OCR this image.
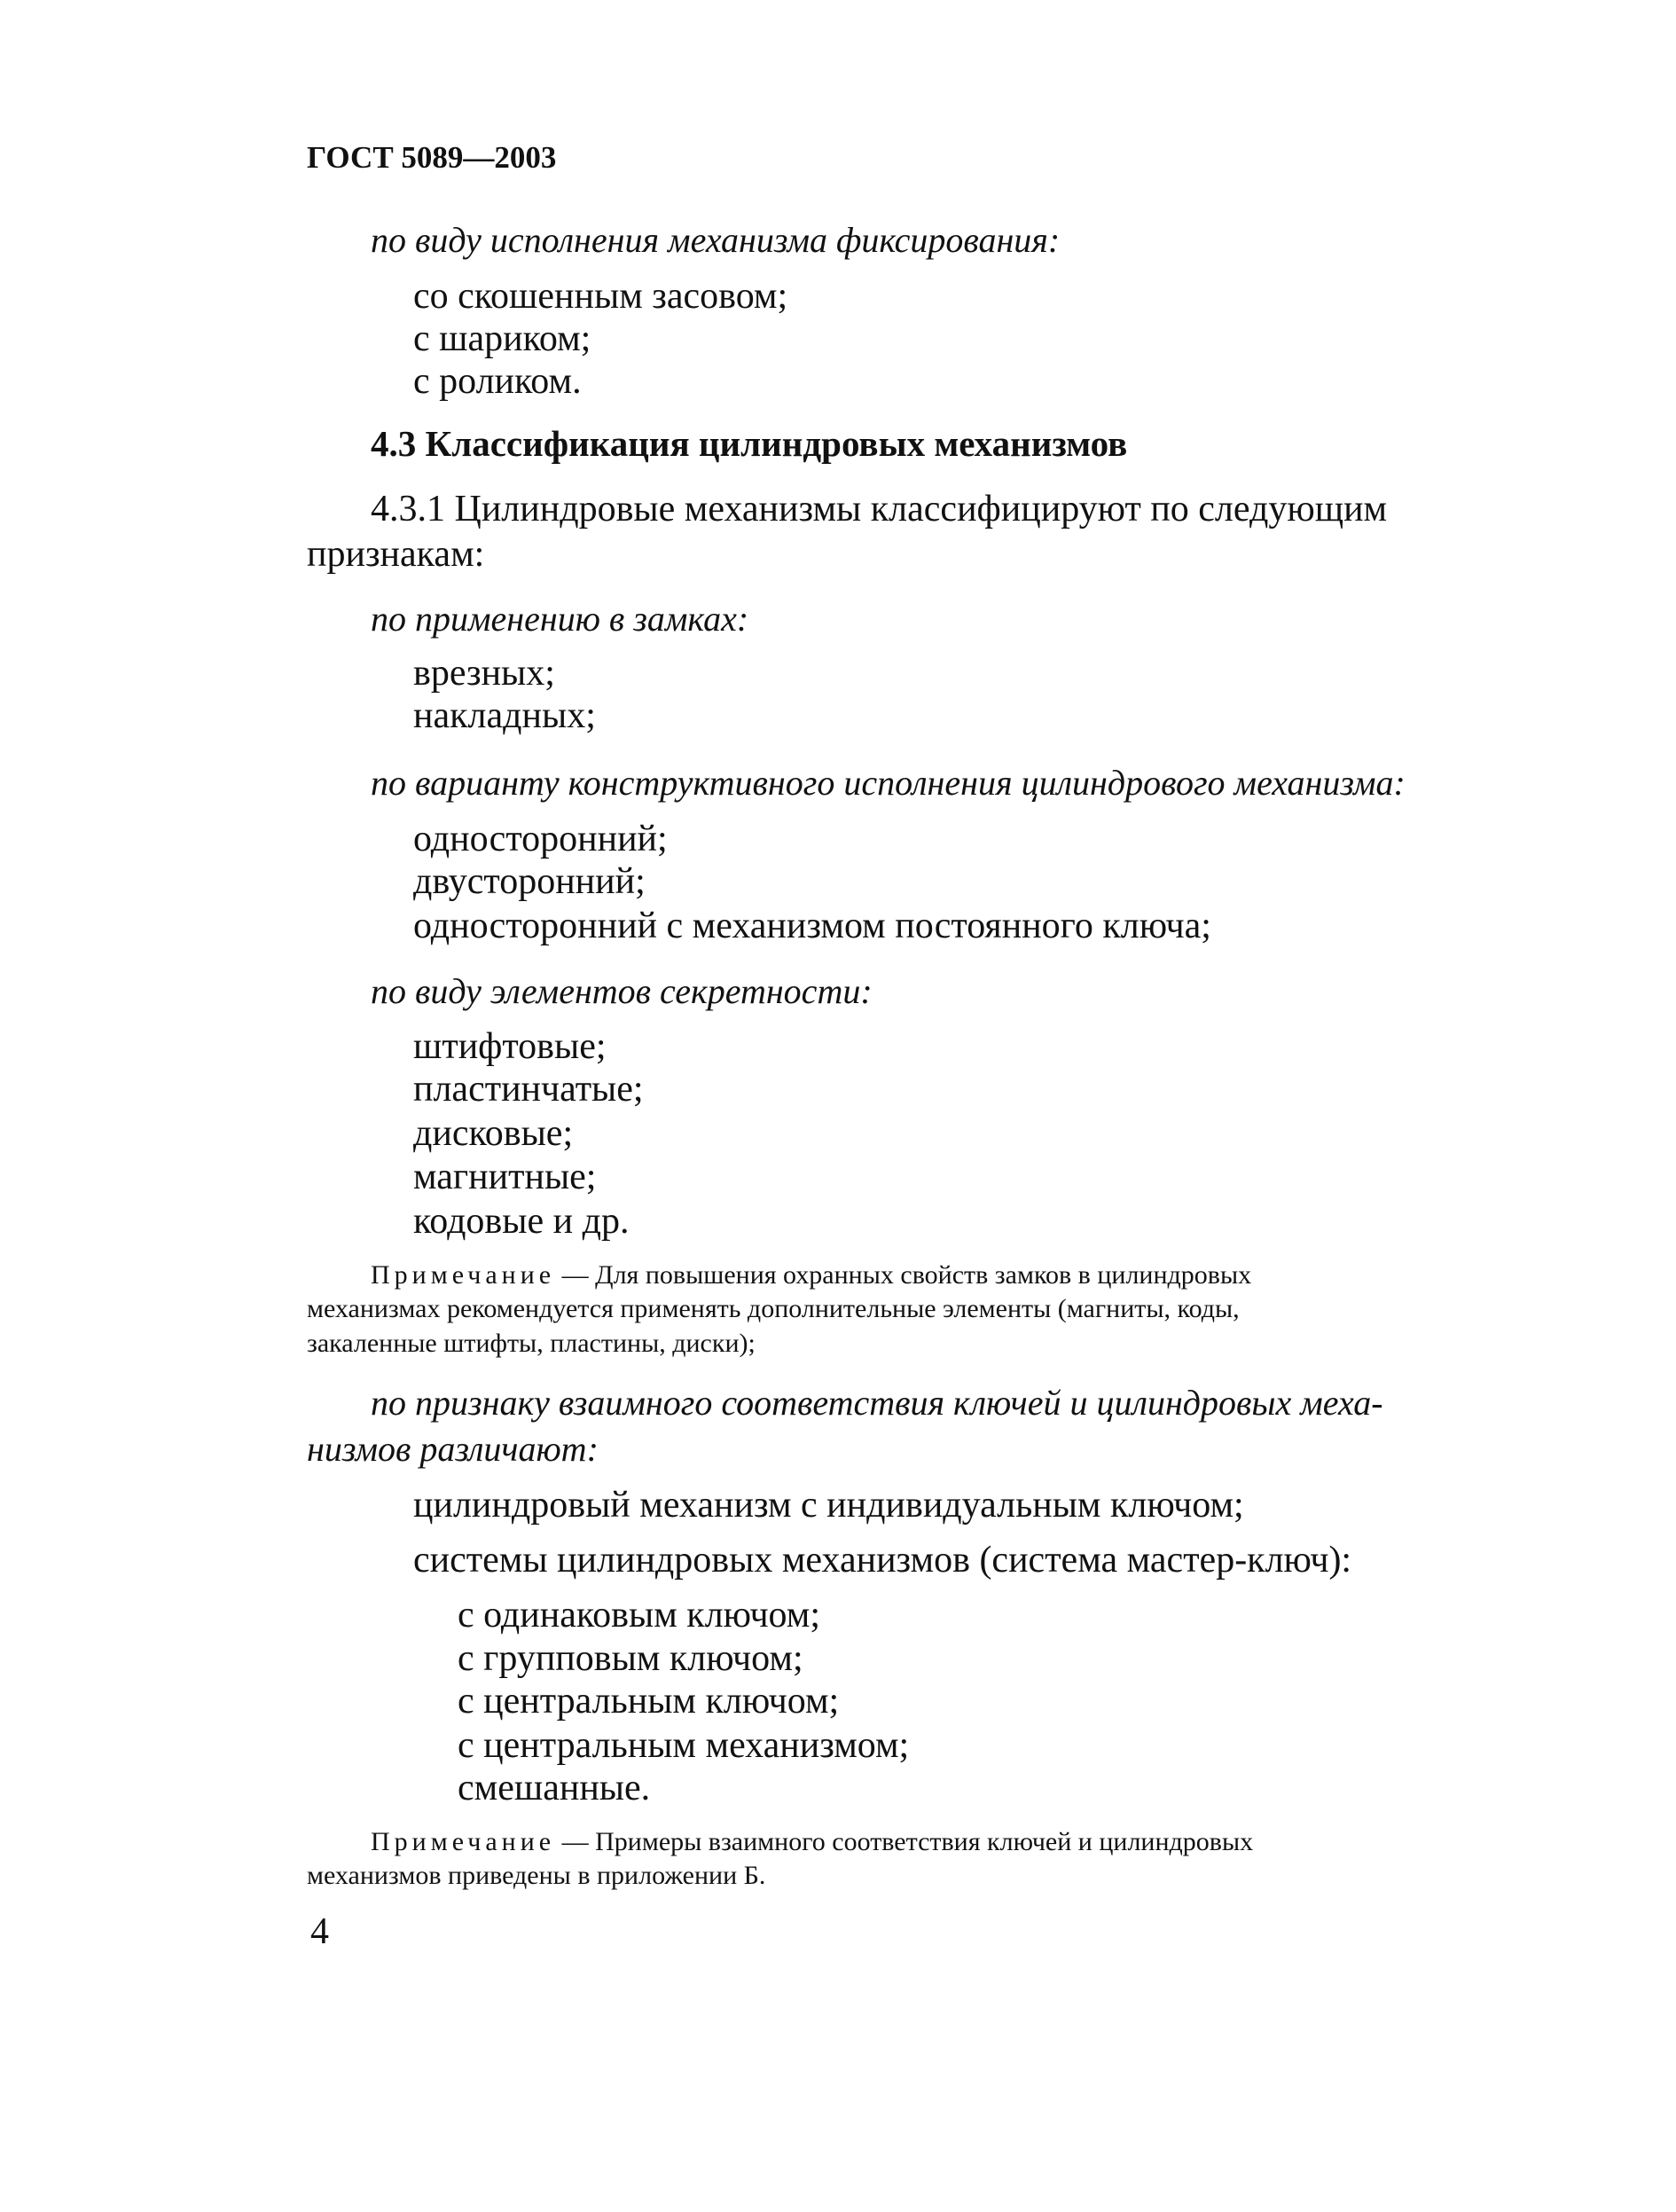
ГОСТ 5089—2003
по виду исполнения механизма фиксирования:
со скошенным засовом;
с шариком;
с роликом.
4.3 Классификация цилиндровых механизмов
4.3.1 Цилиндровые механизмы классифицируют по следующим
признакам:
по применению в замках:
врезных;
накладных;
по варианту конструктивного исполнения цилиндрового механизма:
односторонний;
двусторонний;
односторонний с механизмом постоянного ключа;
по виду элементов секретности:
штифтовые;
пластинчатые;
дисковые;
магнитные;
кодовые и др.
Примечание — Для повышения охранных свойств замков в цилиндровых
механизмах рекомендуется применять дополнительные элементы (магниты, коды,
закаленные штифты, пластины, диски);
по признаку взаимного соответствия ключей и цилиндровых меха-
низмов различают:
цилиндровый механизм с индивидуальным ключом;
системы цилиндровых механизмов (система мастер-ключ):
с одинаковым ключом;
с групповым ключом;
с центральным ключом;
с центральным механизмом;
смешанные.
Примечание — Примеры взаимного соответствия ключей и цилиндровых
механизмов приведены в приложении Б.
4
